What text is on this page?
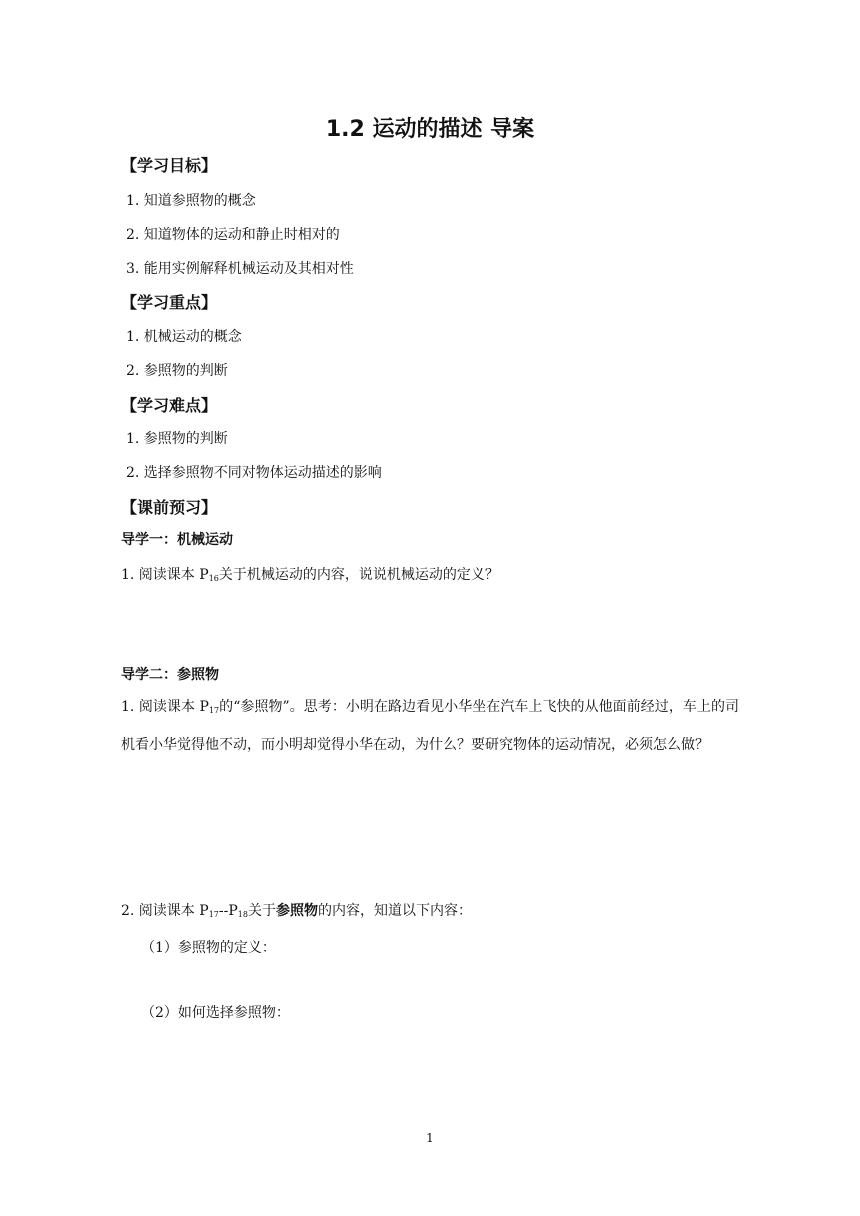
1.2 运动的描述 导案
【学习目标】
1. 知道参照物的概念
2. 知道物体的运动和静止时相对的
3. 能用实例解释机械运动及其相对性
【学习重点】
1. 机械运动的概念
2. 参照物的判断
【学习难点】
1. 参照物的判断
2. 选择参照物不同对物体运动描述的影响
【课前预习】
导学一：机械运动
1. 阅读课本 P16关于机械运动的内容，说说机械运动的定义？
导学二：参照物
1. 阅读课本 P17的“参照物”。思考：小明在路边看见小华坐在汽车上飞快的从他面前经过，车上的司机看小华觉得他不动，而小明却觉得小华在动，为什么？要研究物体的运动情况，必须怎么做？
2. 阅读课本 P17--P18关于参照物的内容，知道以下内容：
（1）参照物的定义：
（2）如何选择参照物：
1
